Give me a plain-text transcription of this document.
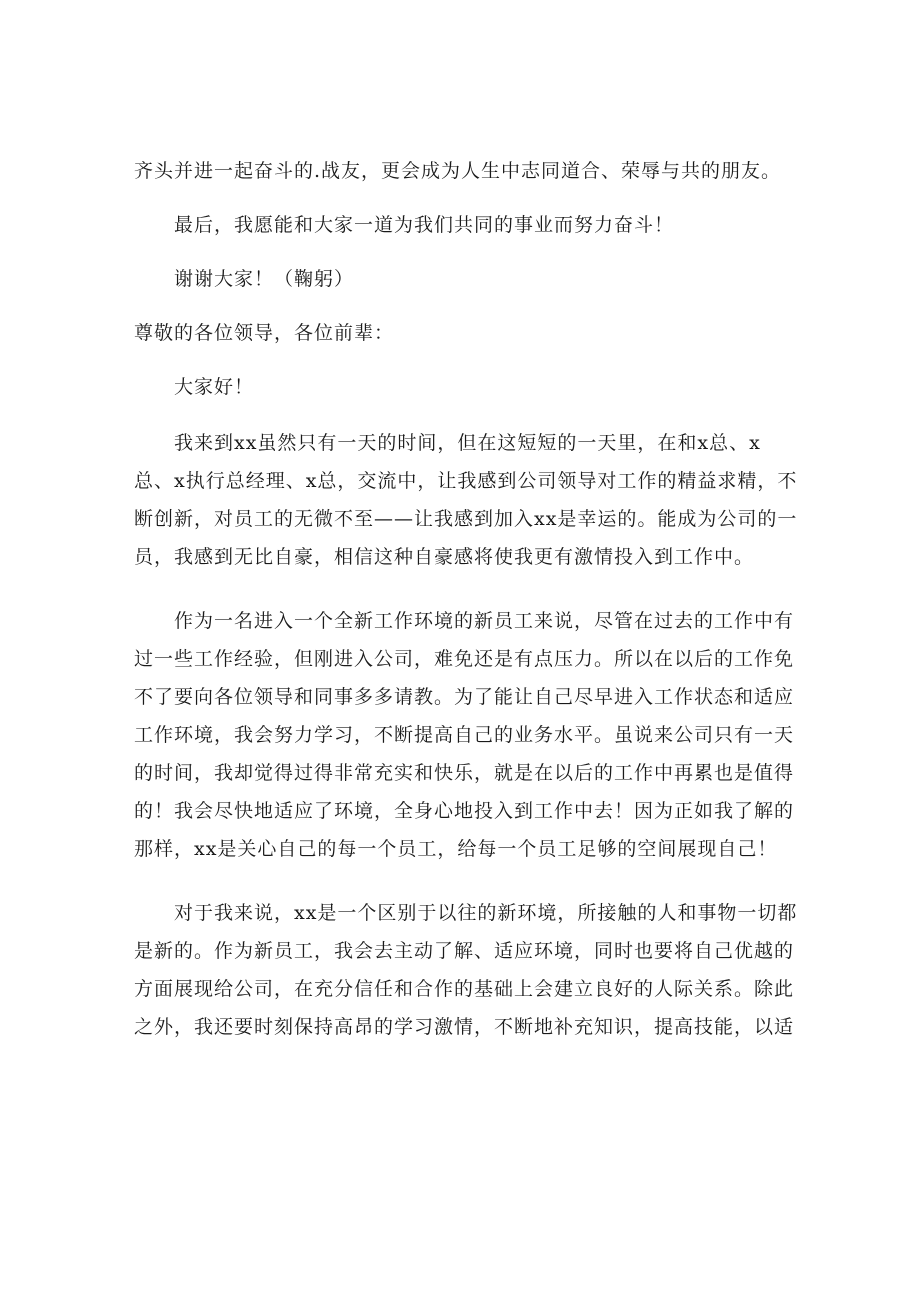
齐头并进一起奋斗的.战友，更会成为人生中志同道合、荣辱与共的朋友。

最后，我愿能和大家一道为我们共同的事业而努力奋斗！

谢谢大家！（鞠躬）

尊敬的各位领导，各位前辈：

大家好！

我来到xx虽然只有一天的时间，但在这短短的一天里，在和x总、x总、x执行总经理、x总，交流中，让我感到公司领导对工作的精益求精，不断创新，对员工的无微不至——让我感到加入xx是幸运的。能成为公司的一员，我感到无比自豪，相信这种自豪感将使我更有激情投入到工作中。

作为一名进入一个全新工作环境的新员工来说，尽管在过去的工作中有过一些工作经验，但刚进入公司，难免还是有点压力。所以在以后的工作免不了要向各位领导和同事多多请教。为了能让自己尽早进入工作状态和适应工作环境，我会努力学习，不断提高自己的业务水平。虽说来公司只有一天的时间，我却觉得过得非常充实和快乐，就是在以后的工作中再累也是值得的！我会尽快地适应了环境，全身心地投入到工作中去！因为正如我了解的那样，xx是关心自己的每一个员工，给每一个员工足够的空间展现自己！

对于我来说，xx是一个区别于以往的新环境，所接触的人和事物一切都是新的。作为新员工，我会去主动了解、适应环境，同时也要将自己优越的方面展现给公司，在充分信任和合作的基础上会建立良好的人际关系。除此之外，我还要时刻保持高昂的学习激情，不断地补充知识，提高技能，以适
